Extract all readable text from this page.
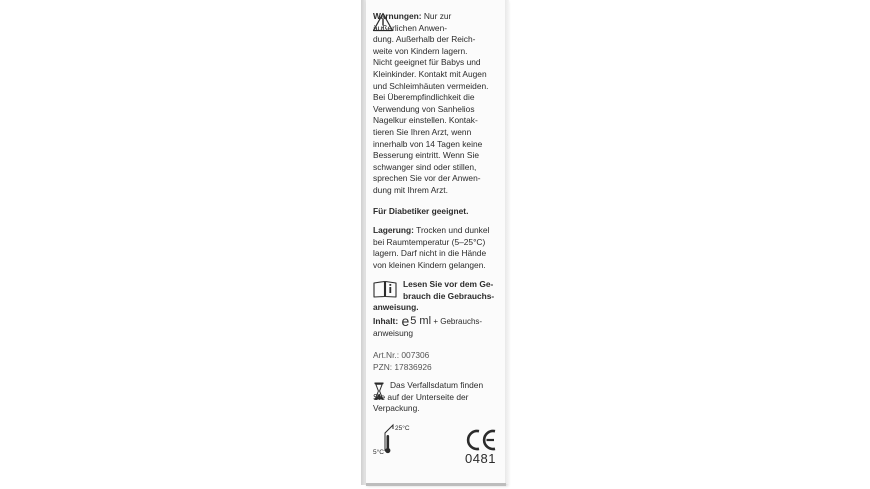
Warnungen: Nur zur

äußerlichen Anwen-

dung. Außerhalb der Reich-

weite von Kindern lagern.

Nicht geeignet für Babys und

Kleinkinder. Kontakt mit Augen

und Schleimhäuten vermeiden.

Bei Überempfindlichkeit die

Verwendung von Sanhelios

Nagelkur einstellen. Kontak-

tieren Sie Ihren Arzt, wenn

innerhalb von 14 Tagen keine

Besserung eintritt. Wenn Sie

schwanger sind oder stillen,

sprechen Sie vor der Anwen-

dung mit Ihrem Arzt.

Für Diabetiker geeignet.

Lagerung: Trocken und dunkel

bei Raumtemperatur (5–25°C)

lagern. Darf nicht in die Hände

von kleinen Kindern gelangen.

Lesen Sie vor dem Ge-

brauch die Gebrauchs-

anweisung.

Inhalt: e5 ml + Gebrauchs-

anweisung

Art.Nr.: 007306

PZN: 17836926

Das Verfallsdatum finden

Sie auf der Unterseite der

Verpackung.

25°C
5°C	0481
